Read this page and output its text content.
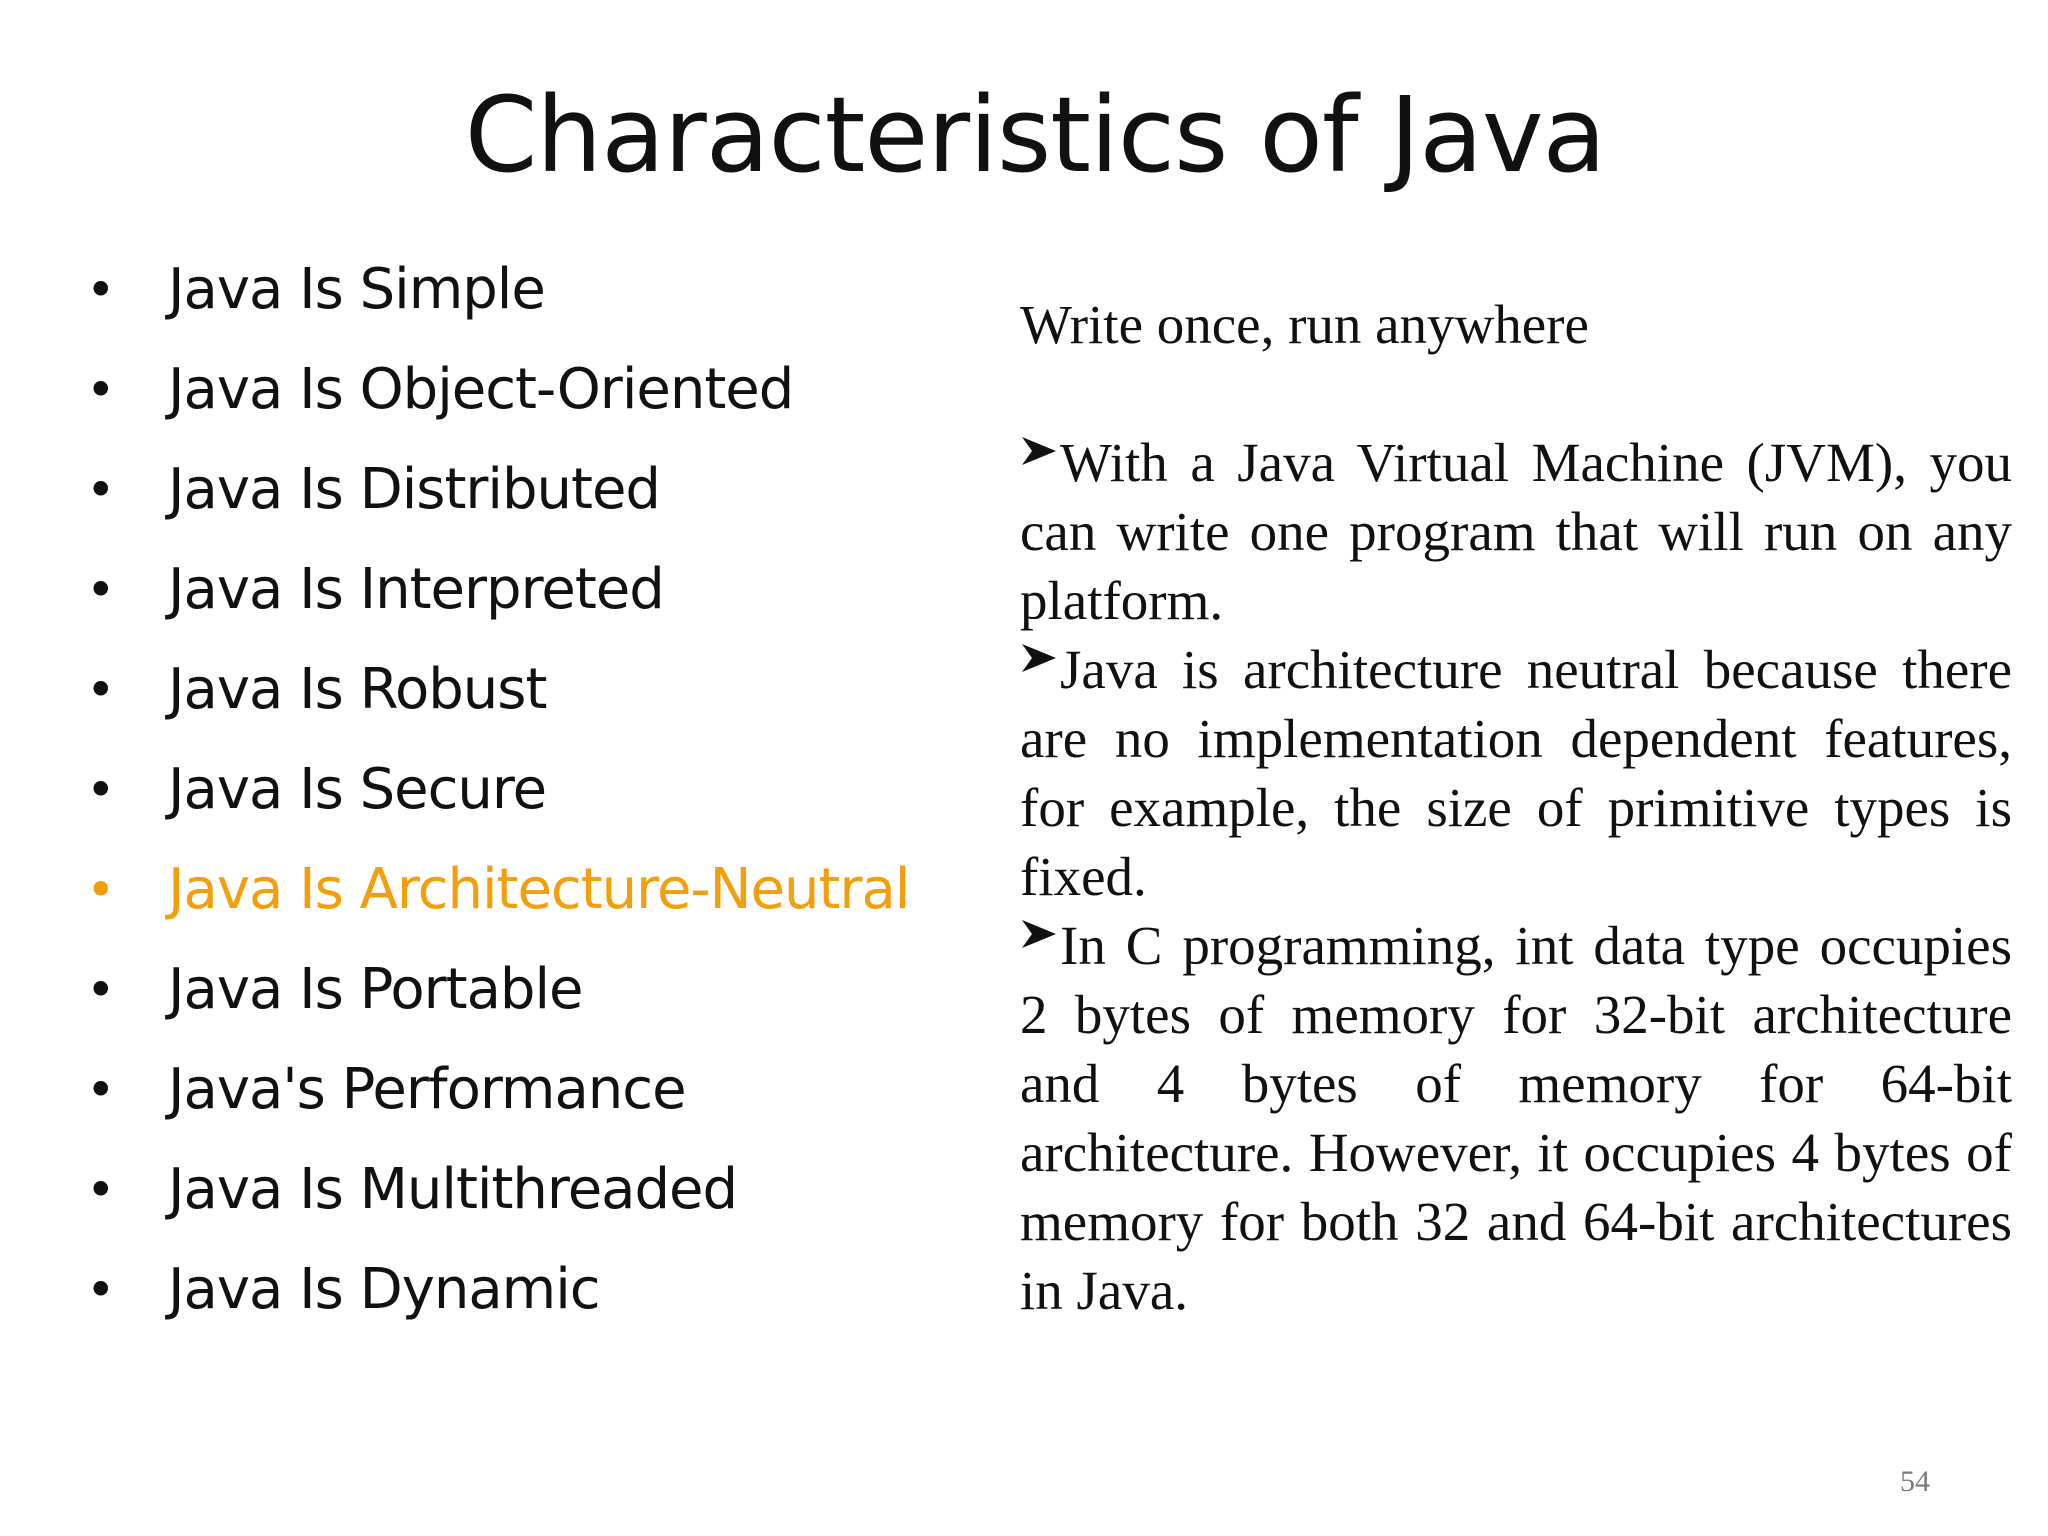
Characteristics of Java
• Java Is Simple
• Java Is Object-Oriented
• Java Is Distributed
• Java Is Interpreted
• Java Is Robust
• Java Is Secure
• Java Is Architecture-Neutral
• Java Is Portable
• Java's Performance
• Java Is Multithreaded
• Java Is Dynamic

Write once, run anywhere

With a Java Virtual Machine (JVM), you can write one program that will run on any platform.

Java is architecture neutral because there are no implementation dependent features, for example, the size of primitive types is fixed.

In C programming, int data type occupies 2 bytes of memory for 32-bit architecture and 4 bytes of memory for 64-bit architecture. However, it occupies 4 bytes of memory for both 32 and 64-bit architectures in Java.

54
